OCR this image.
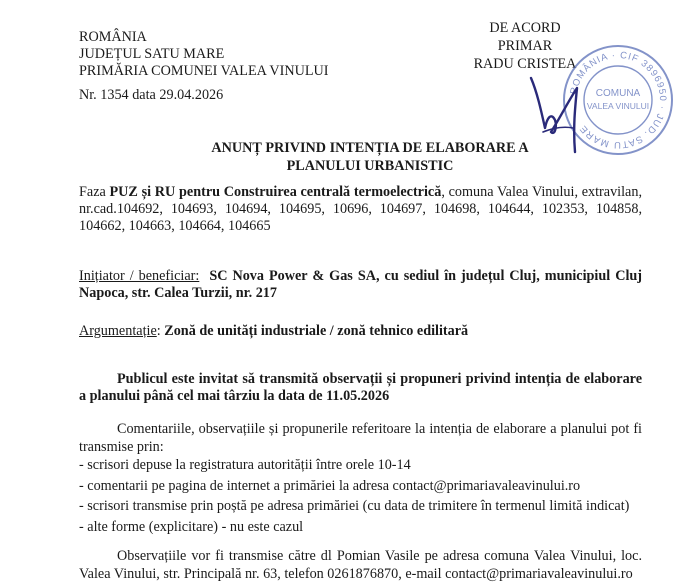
ROMÂNIA
JUDEȚUL SATU MARE
PRIMĂRIA COMUNEI VALEA VINULUI
Nr. 1354 data 29.04.2026
DE ACORD
PRIMAR
RADU CRISTEA
ROMÂNIA · CIF 3896950 · JUD. SATU MARE
COMUNA
VALEA VINULUI
ANUNȚ PRIVIND INTENȚIA DE ELABORARE A
PLANULUI URBANISTIC
Faza PUZ și RU pentru Construirea centrală termoelectrică, comuna Valea Vinului, extravilan,
nr.cad.104692, 104693, 104694, 104695, 10696, 104697, 104698, 104644, 102353, 104858,
104662, 104663, 104664, 104665
Inițiator / beneficiar: SC Nova Power & Gas SA, cu sediul în județul Cluj, municipiul Cluj
Napoca, str. Calea Turzii, nr. 217
Argumentație: Zonă de unități industriale / zonă tehnico edilitară
Publicul este invitat să transmită observații și propuneri privind intenția de elaborare
a planului până cel mai târziu la data de 11.05.2026
Comentariile, observațiile și propunerile referitoare la intenția de elaborare a planului pot fi
transmise prin:
- scrisori depuse la registratura autorității între orele 10-14
- comentarii pe pagina de internet a primăriei la adresa contact@primariavaleavinului.ro
- scrisori transmise prin poștă pe adresa primăriei (cu data de trimitere în termenul limită indicat)
- alte forme (explicitare) - nu este cazul
Observațiile vor fi transmise către dl Pomian Vasile pe adresa comuna Valea Vinului, loc.
Valea Vinului, str. Principală nr. 63, telefon 0261876870, e-mail contact@primariavaleavinului.ro
